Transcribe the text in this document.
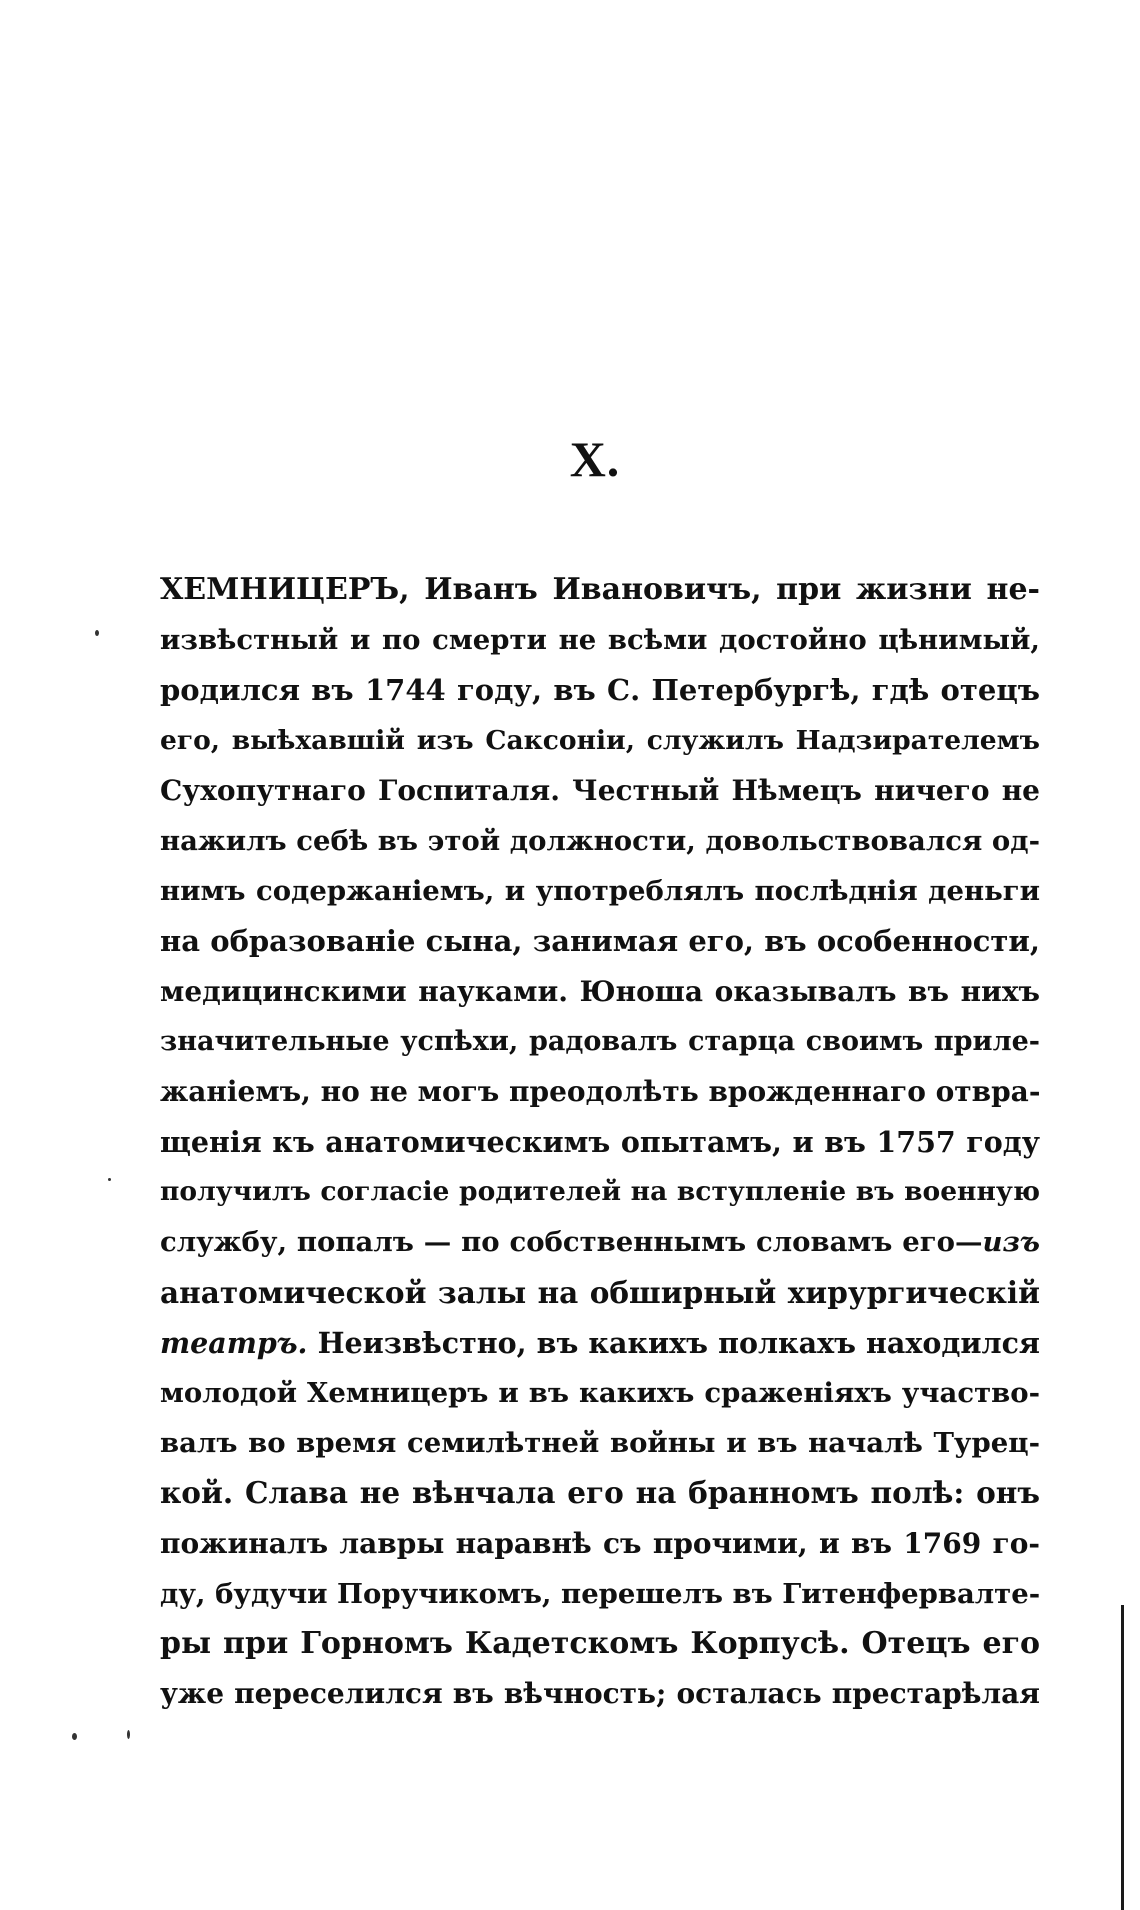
X.
ХЕМНИЦЕРЪ, Иванъ Ивановичъ, при жизни не-
извѣстный и по смерти не всѣми достойно цѣнимый,
родился въ 1744 году, въ С. Петербургѣ, гдѣ отецъ
его, выѣхавшій изъ Саксоніи, служилъ Надзирателемъ
Сухопутнаго Госпиталя. Честный Нѣмецъ ничего не
нажилъ себѣ въ этой должности, довольствовался од-
нимъ содержаніемъ, и употреблялъ послѣднія деньги
на образованіе сына, занимая его, въ особенности,
медицинскими науками. Юноша оказывалъ въ нихъ
значительные успѣхи, радовалъ старца своимъ прилe-
жаніемъ, но не могъ преодолѣть врожденнаго отвра-
щенія къ анатомическимъ опытамъ, и въ 1757 году
получилъ согласіе родителей на вступленіе въ военную
службу, попалъ — по собственнымъ словамъ его—изъ
анатомической залы на обширный хирургическій
театръ. Неизвѣстно, въ какихъ полкахъ находился
молодой Хемницеръ и въ какихъ сраженіяхъ участво-
валъ во время семилѣтней войны и въ началѣ Турец-
кой. Слава не вѣнчала его на бранномъ полѣ: онъ
пожиналъ лавры наравнѣ съ прочими, и въ 1769 го-
ду, будучи Поручикомъ, перешелъ въ Гитенфервалте-
ры при Горномъ Кадетскомъ Корпусѣ. Отецъ его
уже переселился въ вѣчность; осталась престарѣлая
